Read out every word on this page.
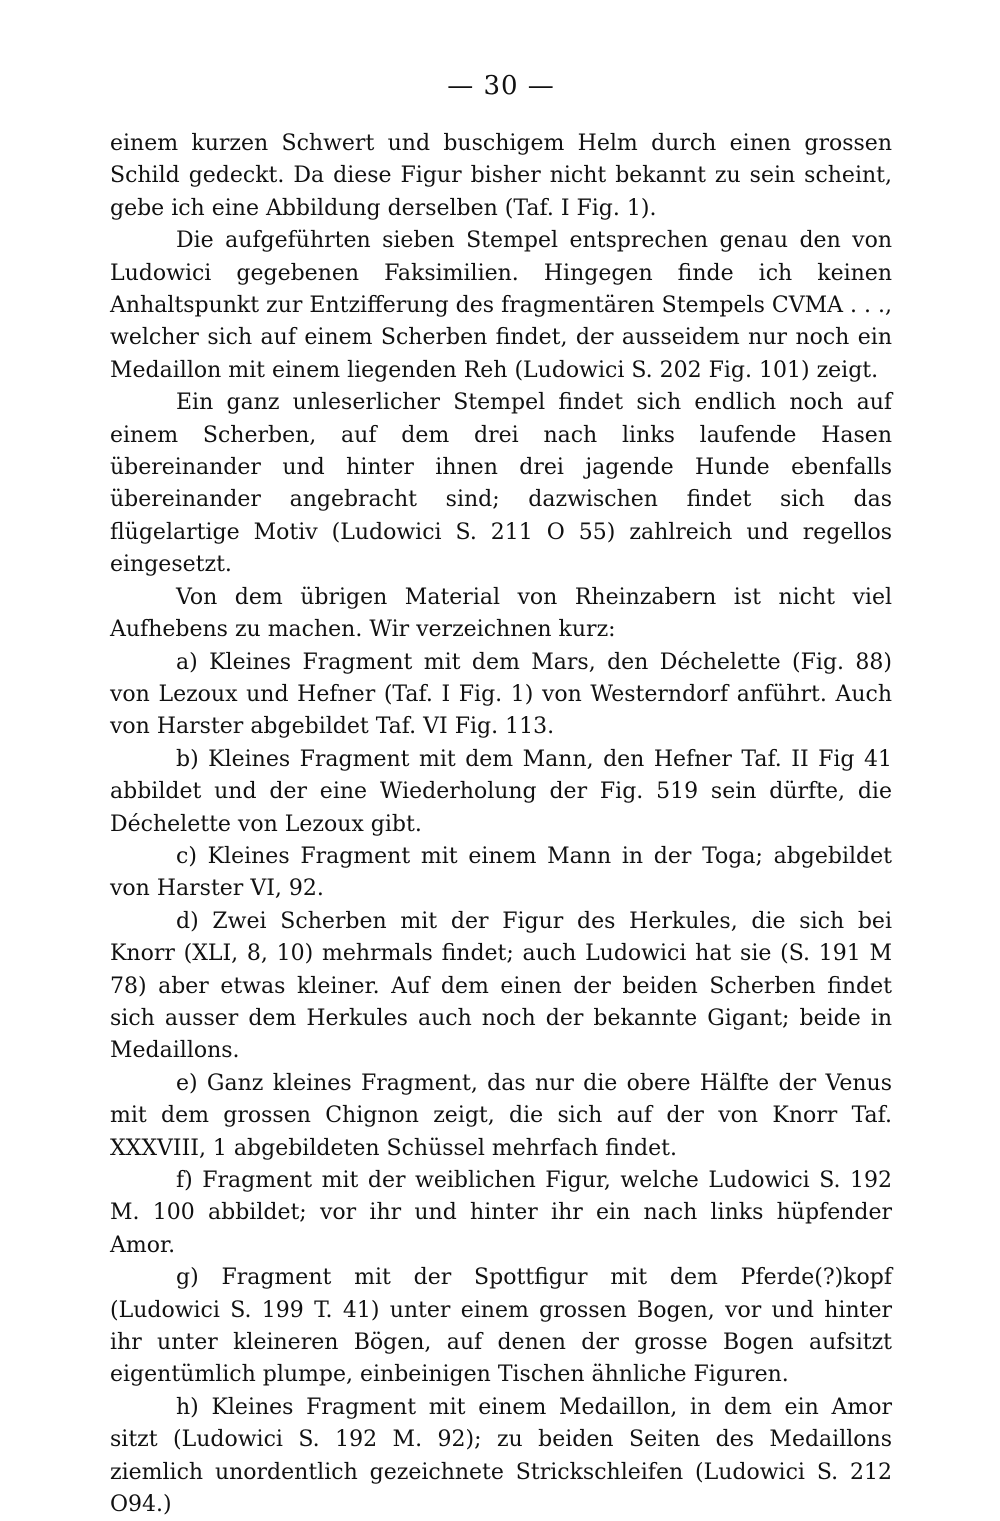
— 30 —

einem kurzen Schwert und buschigem Helm durch einen grossen Schild gedeckt. Da diese Figur bisher nicht bekannt zu sein scheint, gebe ich eine Abbildung derselben (Taf. I Fig. 1).

Die aufgeführten sieben Stempel entsprechen genau den von Ludowici gegebenen Faksimilien. Hingegen finde ich keinen Anhaltspunkt zur Entzifferung des fragmentären Stempels CVMA . . ., welcher sich auf einem Scherben findet, der ausseidem nur noch ein Medaillon mit einem liegenden Reh (Ludowici S. 202 Fig. 101) zeigt.

Ein ganz unleserlicher Stempel findet sich endlich noch auf einem Scherben, auf dem drei nach links laufende Hasen übereinander und hinter ihnen drei jagende Hunde ebenfalls übereinander angebracht sind; dazwischen findet sich das flügelartige Motiv (Ludowici S. 211 O 55) zahlreich und regellos eingesetzt.

Von dem übrigen Material von Rheinzabern ist nicht viel Aufhebens zu machen. Wir verzeichnen kurz:

a) Kleines Fragment mit dem Mars, den Déchelette (Fig. 88) von Lezoux und Hefner (Taf. I Fig. 1) von Westerndorf anführt. Auch von Harster abgebildet Taf. VI Fig. 113.

b) Kleines Fragment mit dem Mann, den Hefner Taf. II Fig 41 abbildet und der eine Wiederholung der Fig. 519 sein dürfte, die Déchelette von Lezoux gibt.

c) Kleines Fragment mit einem Mann in der Toga; abgebildet von Harster VI, 92.

d) Zwei Scherben mit der Figur des Herkules, die sich bei Knorr (XLI, 8, 10) mehrmals findet; auch Ludowici hat sie (S. 191 M 78) aber etwas kleiner. Auf dem einen der beiden Scherben findet sich ausser dem Herkules auch noch der bekannte Gigant; beide in Medaillons.

e) Ganz kleines Fragment, das nur die obere Hälfte der Venus mit dem grossen Chignon zeigt, die sich auf der von Knorr Taf. XXXVIII, 1 abgebildeten Schüssel mehrfach findet.

f) Fragment mit der weiblichen Figur, welche Ludowici S. 192 M. 100 abbildet; vor ihr und hinter ihr ein nach links hüpfender Amor.

g) Fragment mit der Spottfigur mit dem Pferde(?)kopf (Ludowici S. 199 T. 41) unter einem grossen Bogen, vor und hinter ihr unter kleineren Bögen, auf denen der grosse Bogen aufsitzt eigentümlich plumpe, einbeinigen Tischen ähnliche Figuren.

h) Kleines Fragment mit einem Medaillon, in dem ein Amor sitzt (Ludowici S. 192 M. 92); zu beiden Seiten des Medaillons ziemlich unordentlich gezeichnete Strickschleifen (Ludowici S. 212 O94.)
